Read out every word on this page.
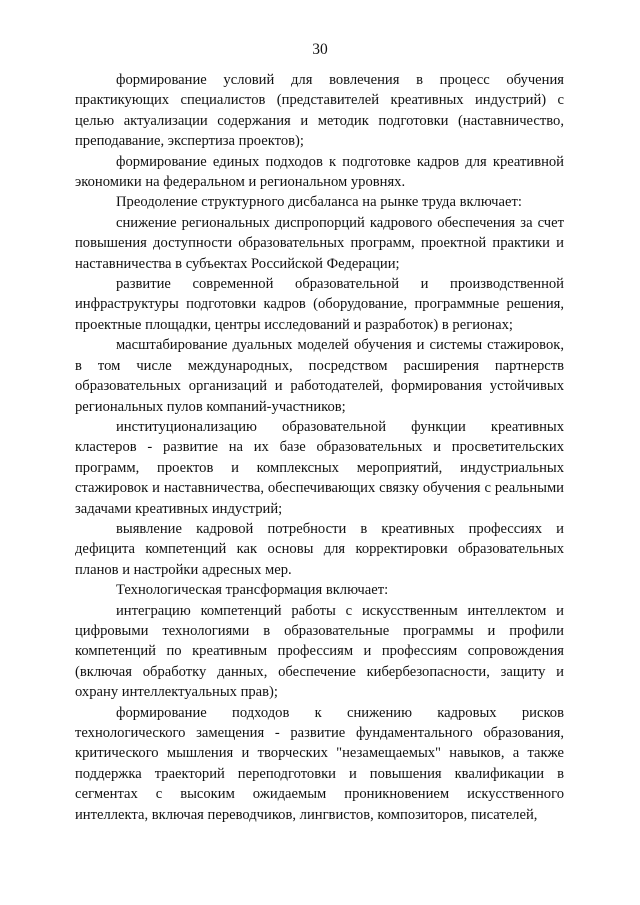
30

формирование условий для вовлечения в процесс обучения практикующих специалистов (представителей креативных индустрий) с целью актуализации содержания и методик подготовки (наставничество, преподавание, экспертиза проектов);

формирование единых подходов к подготовке кадров для креативной экономики на федеральном и региональном уровнях.

Преодоление структурного дисбаланса на рынке труда включает:

снижение региональных диспропорций кадрового обеспечения за счет повышения доступности образовательных программ, проектной практики и наставничества в субъектах Российской Федерации;

развитие современной образовательной и производственной инфраструктуры подготовки кадров (оборудование, программные решения, проектные площадки, центры исследований и разработок) в регионах;

масштабирование дуальных моделей обучения и системы стажировок, в том числе международных, посредством расширения партнерств образовательных организаций и работодателей, формирования устойчивых региональных пулов компаний-участников;

институционализацию образовательной функции креативных кластеров - развитие на их базе образовательных и просветительских программ, проектов и комплексных мероприятий, индустриальных стажировок и наставничества, обеспечивающих связку обучения с реальными задачами креативных индустрий;

выявление кадровой потребности в креативных профессиях и дефицита компетенций как основы для корректировки образовательных планов и настройки адресных мер.

Технологическая трансформация включает:

интеграцию компетенций работы с искусственным интеллектом и цифровыми технологиями в образовательные программы и профили компетенций по креативным профессиям и профессиям сопровождения (включая обработку данных, обеспечение кибербезопасности, защиту и охрану интеллектуальных прав);

формирование подходов к снижению кадровых рисков технологического замещения - развитие фундаментального образования, критического мышления и творческих "незамещаемых" навыков, а также поддержка траекторий переподготовки и повышения квалификации в сегментах с высоким ожидаемым проникновением искусственного интеллекта, включая переводчиков, лингвистов, композиторов, писателей,
